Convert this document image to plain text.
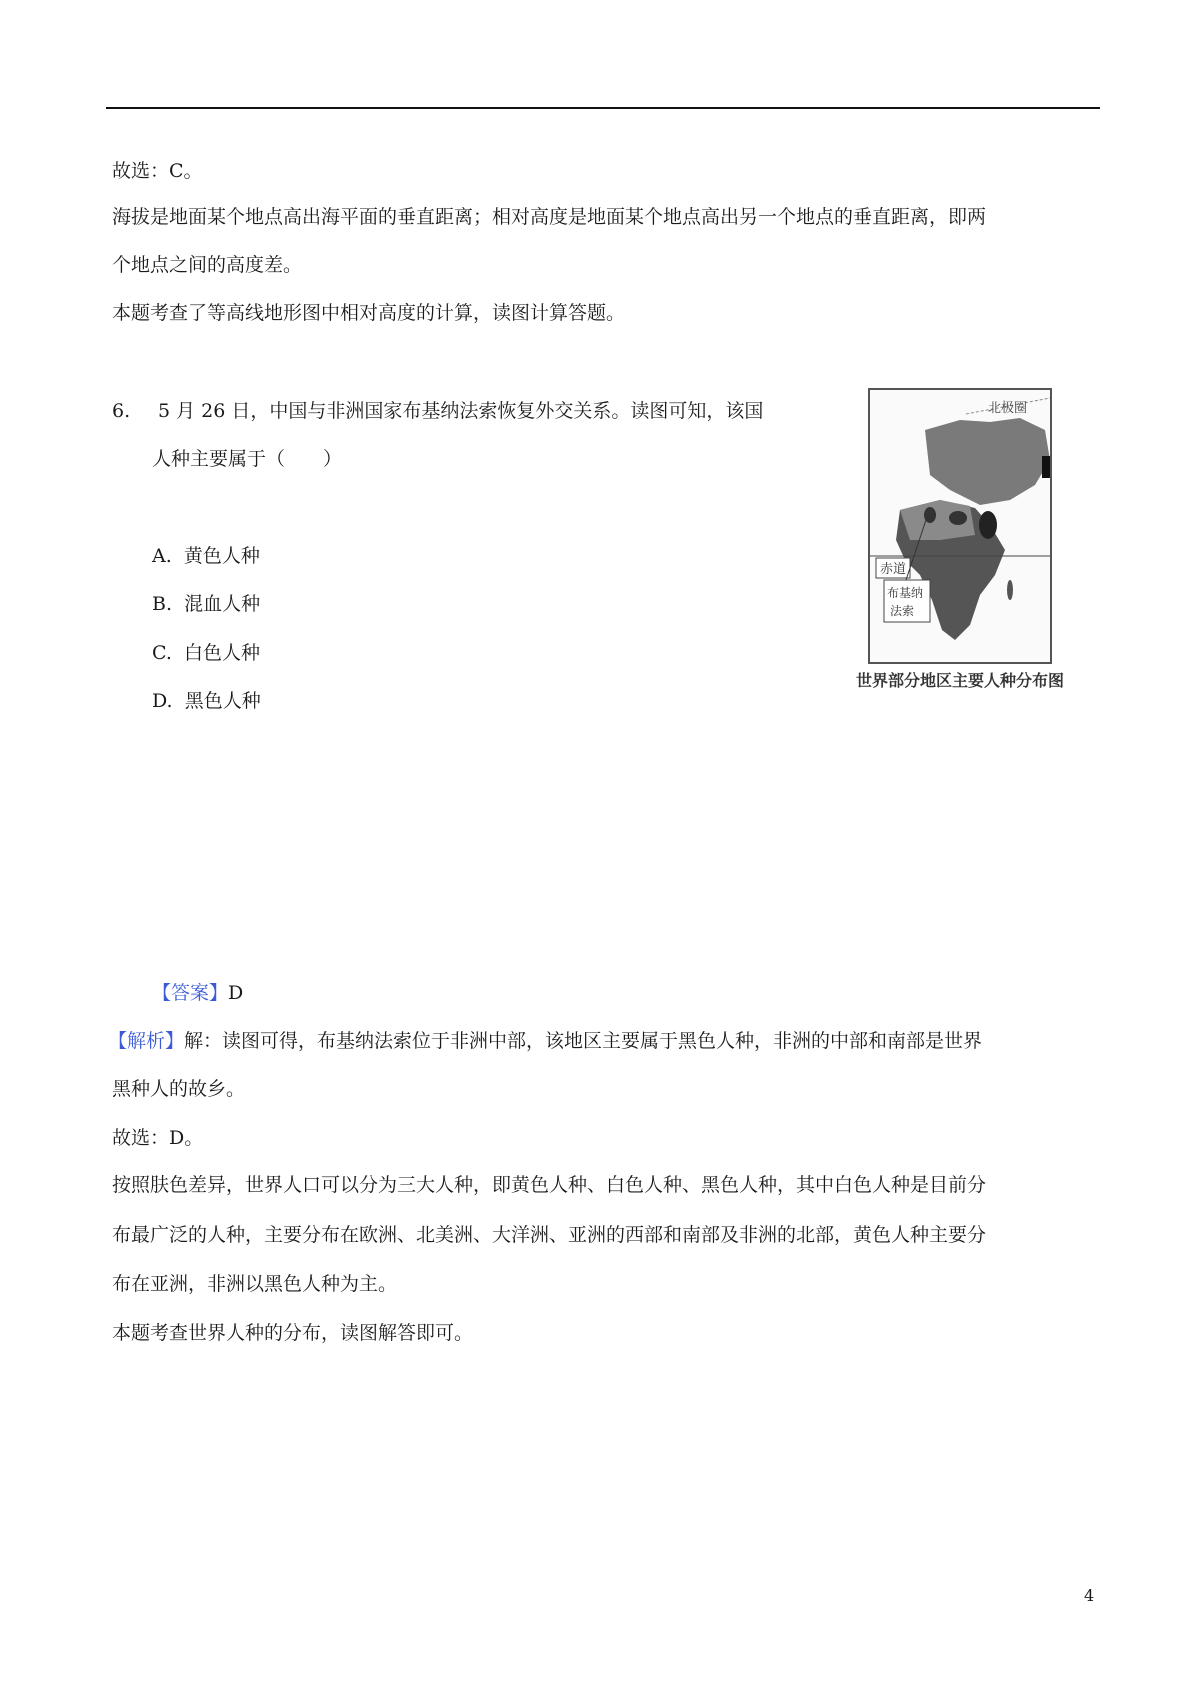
故选：C。
海拔是地面某个地点高出海平面的垂直距离；相对高度是地面某个地点高出另一个地点的垂直距离，即两
个地点之间的高度差。
本题考查了等高线地形图中相对高度的计算，读图计算答题。
6. 5 月 26 日，中国与非洲国家布基纳法索恢复外交关系。读图可知，该国
人种主要属于（　　）
A. 黄色人种
B. 混血人种
C. 白色人种
D. 黑色人种
北极圈
赤道
布基纳
法索
世界部分地区主要人种分布图
【答案】D
【解析】解：读图可得，布基纳法索位于非洲中部，该地区主要属于黑色人种，非洲的中部和南部是世界
黑种人的故乡。
故选：D。
按照肤色差异，世界人口可以分为三大人种，即黄色人种、白色人种、黑色人种，其中白色人种是目前分
布最广泛的人种，主要分布在欧洲、北美洲、大洋洲、亚洲的西部和南部及非洲的北部，黄色人种主要分
布在亚洲，非洲以黑色人种为主。
本题考查世界人种的分布，读图解答即可。
4
